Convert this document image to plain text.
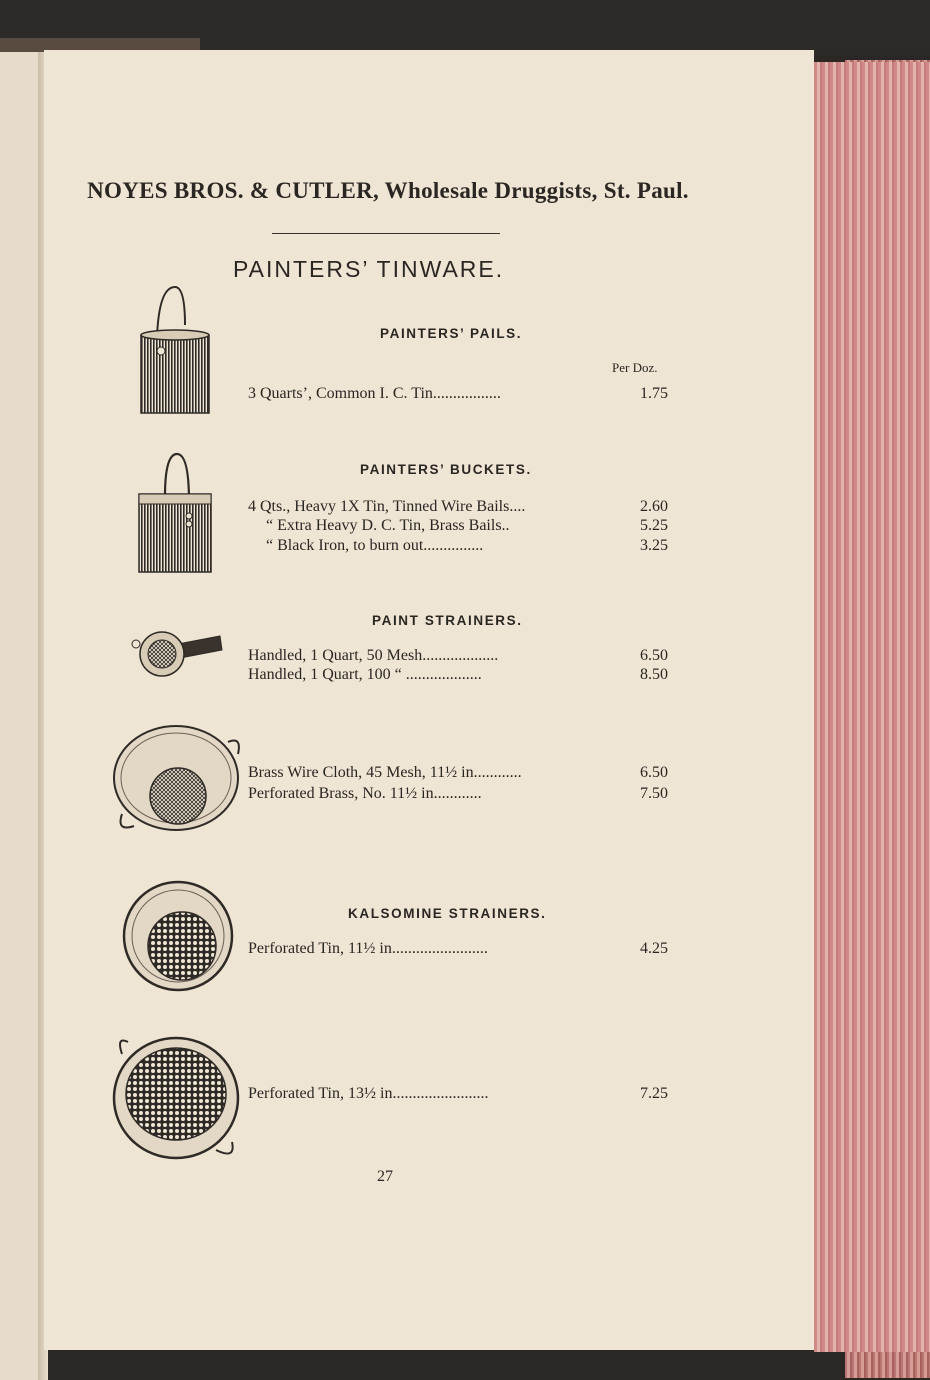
NOYES BROS. & CUTLER, Wholesale Druggists, St. Paul.
PAINTERS’ TINWARE.
PAINTERS’ PAILS.
Per Doz.
3 Quarts’, Common I. C. Tin.................	1.75
PAINTERS’ BUCKETS.
4 Qts., Heavy 1X Tin, Tinned Wire Bails....	2.60
“ Extra Heavy D. C. Tin, Brass Bails..	5.25
“ Black Iron, to burn out...............	3.25
PAINT STRAINERS.
Handled, 1 Quart, 50 Mesh...................	6.50
Handled, 1 Quart, 100 “ ...................	8.50
Brass Wire Cloth, 45 Mesh, 11½ in............	6.50
Perforated Brass, No. 11½ in............	7.50
KALSOMINE STRAINERS.
Perforated Tin, 11½ in........................	4.25
Perforated Tin, 13½ in........................	7.25
27
